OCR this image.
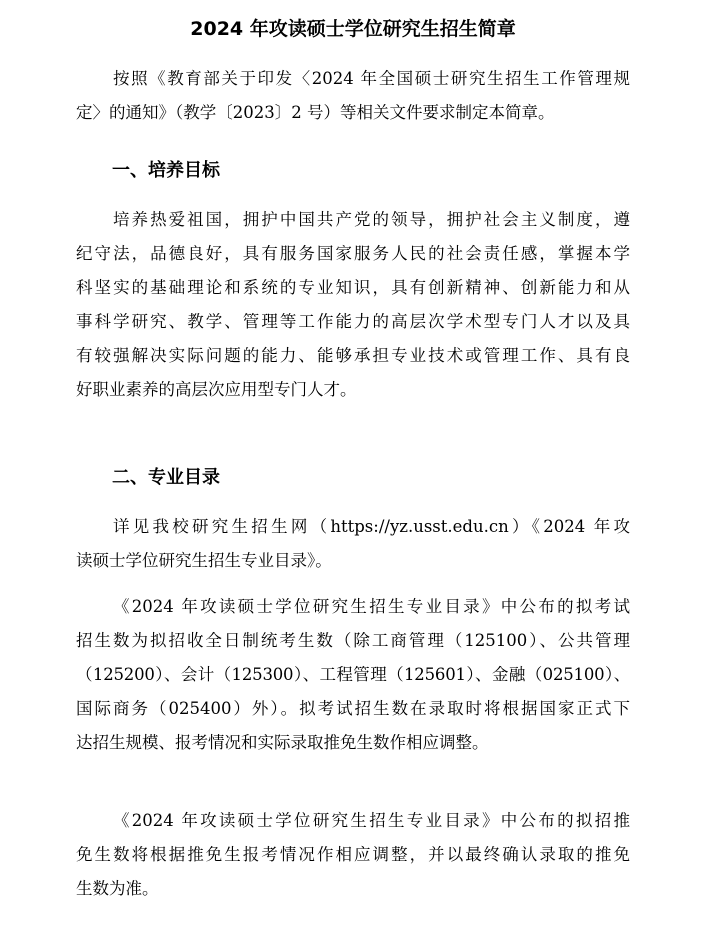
2024 年攻读硕士学位研究生招生简章
按照《教育部关于印发〈2024 年全国硕士研究生招生工作管理规
定〉的通知》（教学〔2023〕2 号）等相关文件要求制定本简章。
一、培养目标
培养热爱祖国，拥护中国共产党的领导，拥护社会主义制度，遵
纪守法，品德良好，具有服务国家服务人民的社会责任感，掌握本学
科坚实的基础理论和系统的专业知识，具有创新精神、创新能力和从
事科学研究、教学、管理等工作能力的高层次学术型专门人才以及具
有较强解决实际问题的能力、能够承担专业技术或管理工作、具有良
好职业素养的高层次应用型专门人才。
二、专业目录
详见我校研究生招生网（https://yz.usst.edu.cn）《2024 年攻
读硕士学位研究生招生专业目录》。
《2024 年攻读硕士学位研究生招生专业目录》中公布的拟考试
招生数为拟招收全日制统考生数（除工商管理（125100）、公共管理
（125200）、会计（125300）、工程管理（125601）、金融（025100）、
国际商务（025400）外）。拟考试招生数在录取时将根据国家正式下
达招生规模、报考情况和实际录取推免生数作相应调整。
《2024 年攻读硕士学位研究生招生专业目录》中公布的拟招推
免生数将根据推免生报考情况作相应调整，并以最终确认录取的推免
生数为准。
